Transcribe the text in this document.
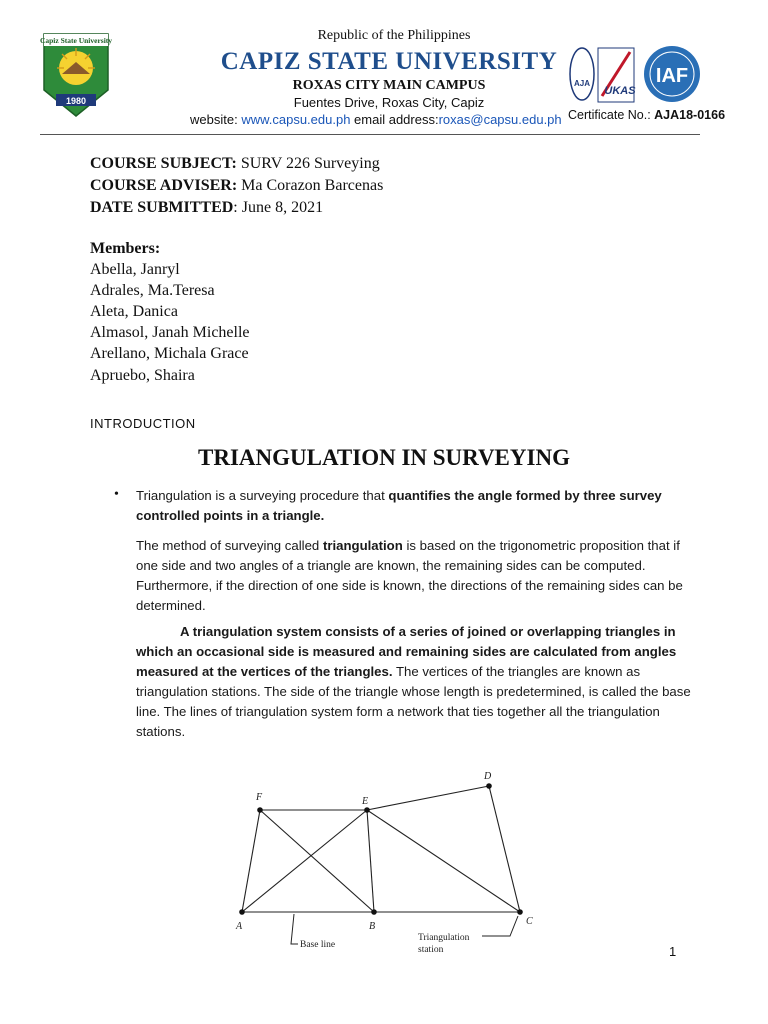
Capiz State University
1980
Republic of the Philippines
CAPIZ STATE UNIVERSITY
ROXAS CITY MAIN CAMPUS
Fuentes Drive, Roxas City, Capiz
website: www.capsu.edu.ph email address:roxas@capsu.edu.ph
AJA
UKAS
IAF
Certificate No.: AJA18-0166
COURSE SUBJECT: SURV 226 Surveying
COURSE ADVISER: Ma Corazon Barcenas
DATE SUBMITTED: June 8, 2021
Members:
Abella, Janryl
Adrales, Ma.Teresa
Aleta, Danica
Almasol, Janah Michelle
Arellano, Michala Grace
Apruebo, Shaira
INTRODUCTION
TRIANGULATION IN SURVEYING
• Triangulation is a surveying procedure that quantifies the angle formed by three survey controlled points in a triangle.
The method of surveying called triangulation is based on the trigonometric proposition that if one side and two angles of a triangle are known, the remaining sides can be computed. Furthermore, if the direction of one side is known, the directions of the remaining sides can be determined.
A triangulation system consists of a series of joined or overlapping triangles in which an occasional side is measured and remaining sides are calculated from angles measured at the vertices of the triangles. The vertices of the triangles are known as triangulation stations. The side of the triangle whose length is predetermined, is called the base line. The lines of triangulation system form a network that ties together all the triangulation stations.
A	B	C
D
E
F
Base line
Triangulation
station	1
